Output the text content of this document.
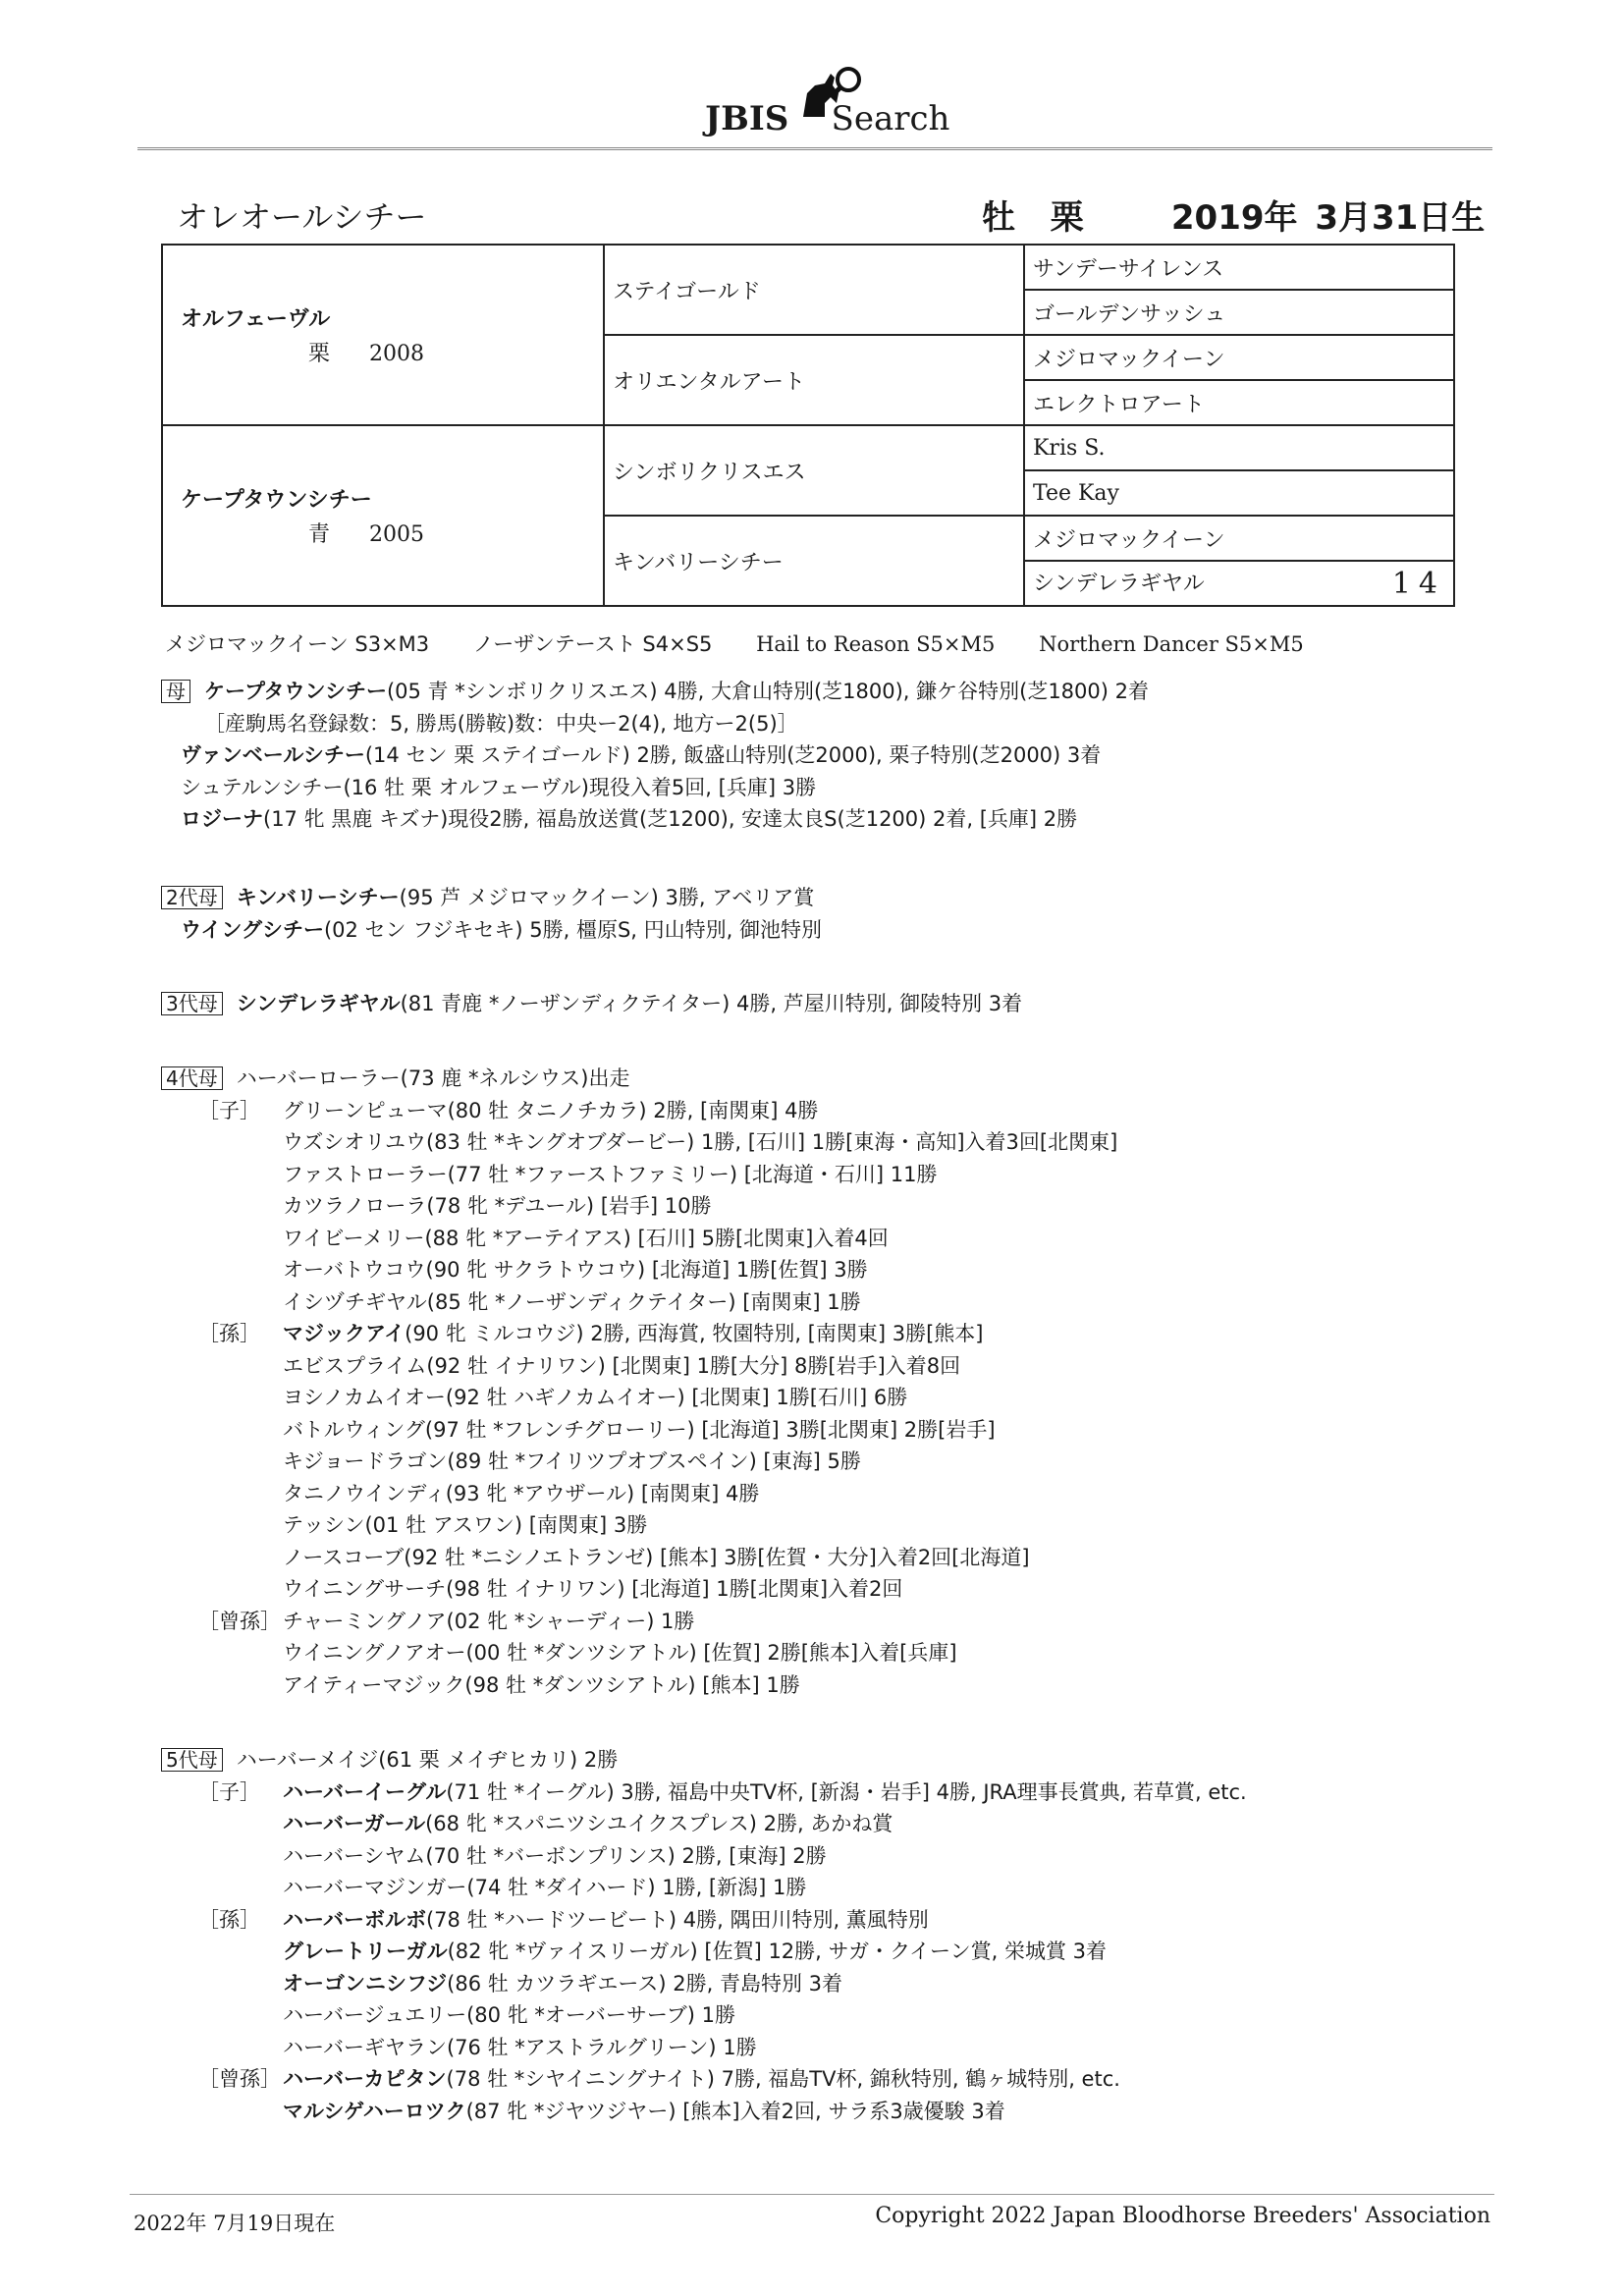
JBIS Search
オレオールシチー	牡 栗	2019年 3月31日生
オルフェーヴル
栗 2008	ステイゴールド	サンデーサイレンス
		ゴールデンサッシュ
	オリエンタルアート	メジロマックイーン
		エレクトロアート

ケープタウンシチー
青 2005	シンボリクリスエス	Kris S.
		Tee Kay
	キンバリーシチー	メジロマックイーン
		シンデレラギヤル 14
メジロマックイーン S3×M3 ノーザンテースト S4×S5 Hail to Reason S5×M5 Northern Dancer S5×M5
母 ケープタウンシチー(05 青 *シンボリクリスエス) 4勝, 大倉山特別(芝1800), 鎌ケ谷特別(芝1800) 2着
［産駒馬名登録数：5, 勝馬(勝鞍)数：中央ー2(4), 地方ー2(5)］
ヴァンベールシチー(14 セン 栗 ステイゴールド) 2勝, 飯盛山特別(芝2000), 栗子特別(芝2000) 3着
シュテルンシチー(16 牡 栗 オルフェーヴル)現役入着5回, [兵庫] 3勝
ロジーナ(17 牝 黒鹿 キズナ)現役2勝, 福島放送賞(芝1200), 安達太良S(芝1200) 2着, [兵庫] 2勝
2代母 キンバリーシチー(95 芦 メジロマックイーン) 3勝, アベリア賞
ウイングシチー(02 セン フジキセキ) 5勝, 橿原S, 円山特別, 御池特別
3代母 シンデレラギヤル(81 青鹿 *ノーザンディクテイター) 4勝, 芦屋川特別, 御陵特別 3着
4代母 ハーバーローラー(73 鹿 *ネルシウス)出走
［子］ グリーンピューマ(80 牡 タニノチカラ) 2勝, [南関東] 4勝
ウズシオリユウ(83 牡 *キングオブダービー) 1勝, [石川] 1勝[東海・高知]入着3回[北関東]
ファストローラー(77 牡 *ファーストファミリー) [北海道・石川] 11勝
カツラノローラ(78 牝 *デユール) [岩手] 10勝
ワイビーメリー(88 牝 *アーテイアス) [石川] 5勝[北関東]入着4回
オーバトウコウ(90 牝 サクラトウコウ) [北海道] 1勝[佐賀] 3勝
イシヅチギヤル(85 牝 *ノーザンディクテイター) [南関東] 1勝
［孫］ マジックアイ(90 牝 ミルコウジ) 2勝, 西海賞, 牧園特別, [南関東] 3勝[熊本]
エビスプライム(92 牡 イナリワン) [北関東] 1勝[大分] 8勝[岩手]入着8回
ヨシノカムイオー(92 牡 ハギノカムイオー) [北関東] 1勝[石川] 6勝
バトルウィング(97 牡 *フレンチグローリー) [北海道] 3勝[北関東] 2勝[岩手]
キジョードラゴン(89 牡 *フイリツプオブスペイン) [東海] 5勝
タニノウインディ(93 牝 *アウザール) [南関東] 4勝
テッシン(01 牡 アスワン) [南関東] 3勝
ノースコーブ(92 牡 *ニシノエトランゼ) [熊本] 3勝[佐賀・大分]入着2回[北海道]
ウイニングサーチ(98 牡 イナリワン) [北海道] 1勝[北関東]入着2回
［曾孫］ チャーミングノア(02 牝 *シャーディー) 1勝
ウイニングノアオー(00 牡 *ダンツシアトル) [佐賀] 2勝[熊本]入着[兵庫]
アイティーマジック(98 牡 *ダンツシアトル) [熊本] 1勝
5代母 ハーバーメイジ(61 栗 メイヂヒカリ) 2勝
［子］ ハーバーイーグル(71 牡 *イーグル) 3勝, 福島中央TV杯, [新潟・岩手] 4勝, JRA理事長賞典, 若草賞, etc.
ハーバーガール(68 牝 *スパニツシユイクスプレス) 2勝, あかね賞
ハーバーシヤム(70 牡 *バーボンプリンス) 2勝, [東海] 2勝
ハーバーマジンガー(74 牡 *ダイハード) 1勝, [新潟] 1勝
［孫］ ハーバーボルボ(78 牡 *ハードツービート) 4勝, 隅田川特別, 薫風特別
グレートリーガル(82 牝 *ヴァイスリーガル) [佐賀] 12勝, サガ・クイーン賞, 栄城賞 3着
オーゴンニシフジ(86 牡 カツラギエース) 2勝, 青島特別 3着
ハーバージュエリー(80 牝 *オーバーサーブ) 1勝
ハーバーギヤラン(76 牡 *アストラルグリーン) 1勝
［曾孫］ ハーバーカピタン(78 牡 *シヤイニングナイト) 7勝, 福島TV杯, 錦秋特別, 鶴ヶ城特別, etc.
マルシゲハーロツク(87 牝 *ジヤツジヤー) [熊本]入着2回, サラ系3歳優駿 3着
2022年 7月19日現在	Copyright 2022 Japan Bloodhorse Breeders' Association
